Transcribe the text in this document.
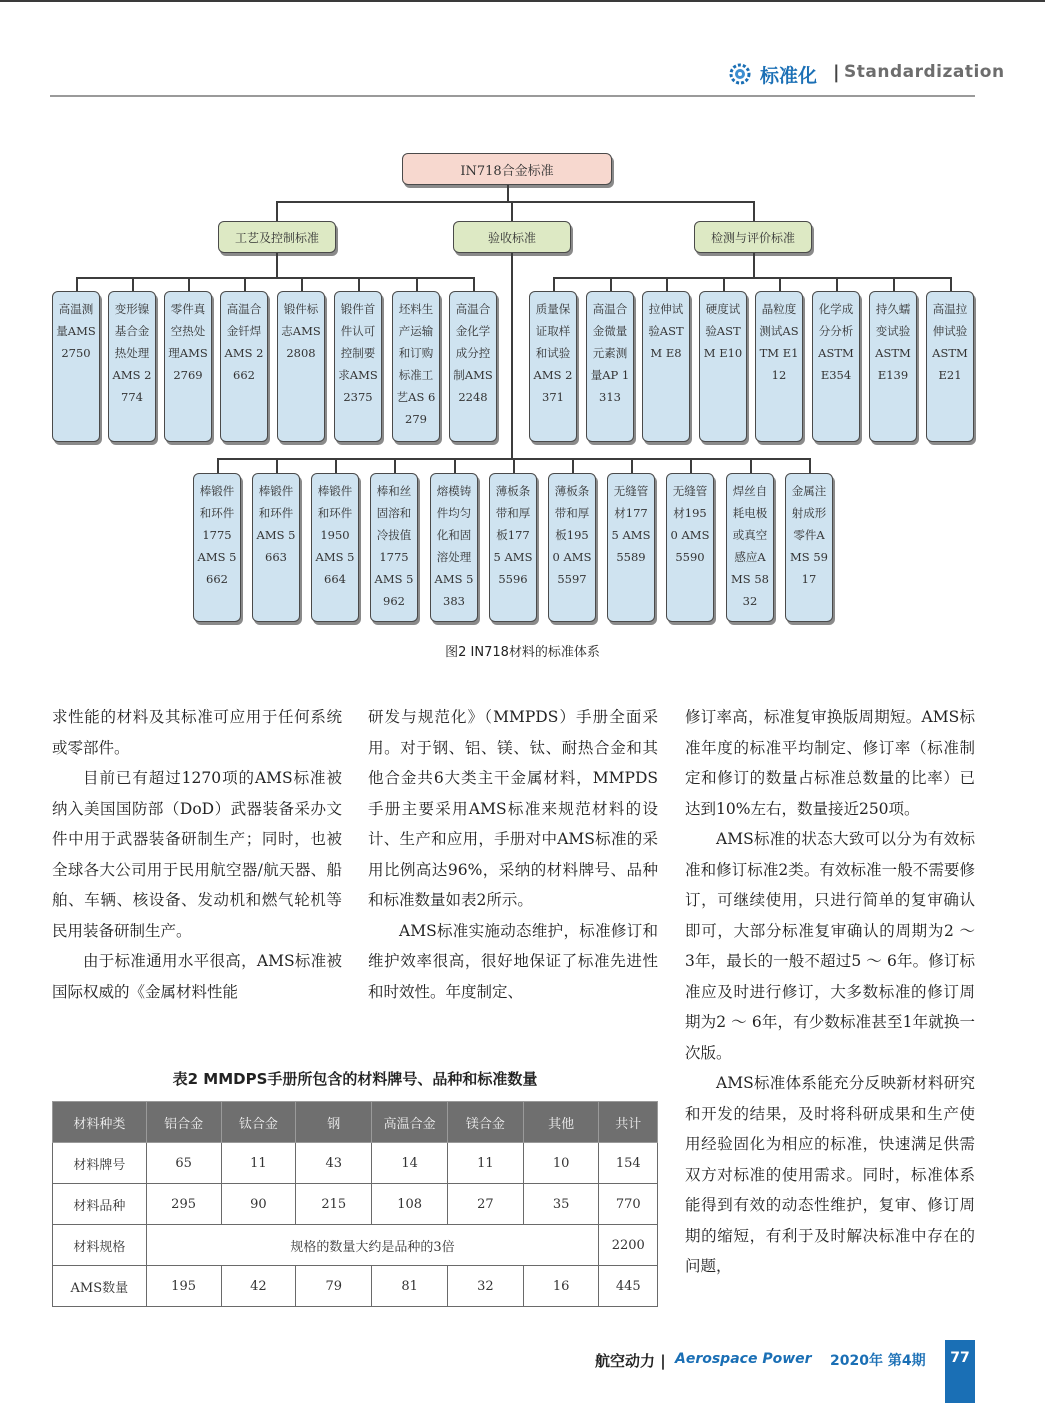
标准化 | Standardization
IN718合金标准
工艺及控制标准	验收标准	检测与评价标准
高温测量AMS 2750
变形镍基合金热处理AMS 2774
零件真空热处理AMS 2769
高温合金钎焊AMS 2662
锻件标志AMS 2808
锻件首件认可控制要求AMS 2375
坯料生产运输和订购标准工艺AS 6279
高温合金化学成分控制AMS 2248
质量保证取样和试验AMS 2371
高温合金微量元素测量AP 1313
拉伸试验ASTM E8
硬度试验ASTM E10
晶粒度测试ASTM E112
化学成分分析ASTM E354
持久蠕变试验ASTM E139
高温拉伸试验ASTM E21
棒锻件和环件1775 AMS 5662
棒锻件和环件AMS 5663
棒锻件和环件1950 AMS 5664
棒和丝固溶和冷拔值1775 AMS 5962
熔模铸件均匀化和固溶处理AMS 5383
薄板条带和厚板1775 AMS 5596
薄板条带和厚板1950 AMS 5597
无缝管材1775 AMS 5589
无缝管材1950 AMS 5590
焊丝自耗电极或真空感应AMS 5832
金属注射成形零件AMS 5917
图2 IN718材料的标准体系

求性能的材料及其标准可应用于任何系统或零部件。

目前已有超过1270项的AMS标准被纳入美国国防部（DoD）武器装备采办文件中用于武器装备研制生产；同时，也被全球各大公司用于民用航空器/航天器、船舶、车辆、核设备、发动机和燃气轮机等民用装备研制生产。

由于标准通用水平很高，AMS标准被国际权威的《金属材料性能

研发与规范化》（MMPDS）手册全面采用。对于钢、铝、镁、钛、耐热合金和其他合金共6大类主干金属材料，MMPDS手册主要采用AMS标准来规范材料的设计、生产和应用，手册对中AMS标准的采用比例高达96%，采纳的材料牌号、品种和标准数量如表2所示。

AMS标准实施动态维护，标准修订和维护效率很高，很好地保证了标准先进性和时效性。年度制定、

修订率高，标准复审换版周期短。AMS标准年度的标准平均制定、修订率（标准制定和修订的数量占标准总数量的比率）已达到10%左右，数量接近250项。

AMS标准的状态大致可以分为有效标准和修订标准2类。有效标准一般不需要修订，可继续使用，只进行简单的复审确认即可，大部分标准复审确认的周期为2 ～ 3年，最长的一般不超过5 ～ 6年。修订标准应及时进行修订，大多数标准的修订周期为2 ～ 6年，有少数标准甚至1年就换一次版。

AMS标准体系能充分反映新材料研究和开发的结果，及时将科研成果和生产使用经验固化为相应的标准，快速满足供需双方对标准的使用需求。同时，标准体系能得到有效的动态性维护，复审、修订周期的缩短，有利于及时解决标准中存在的问题，

表2 MMDPS手册所包含的材料牌号、品种和标准数量
材料种类	铝合金	钛合金	钢	高温合金	镁合金	其他	共计
材料牌号	65	11	43	14	11	10	154
材料品种	295	90	215	108	27	35	770
材料规格	规格的数量大约是品种的3倍						2200
AMS数量	195	42	79	81	32	16	445
航空动力 | Aerospace Power 2020年 第4期	77
